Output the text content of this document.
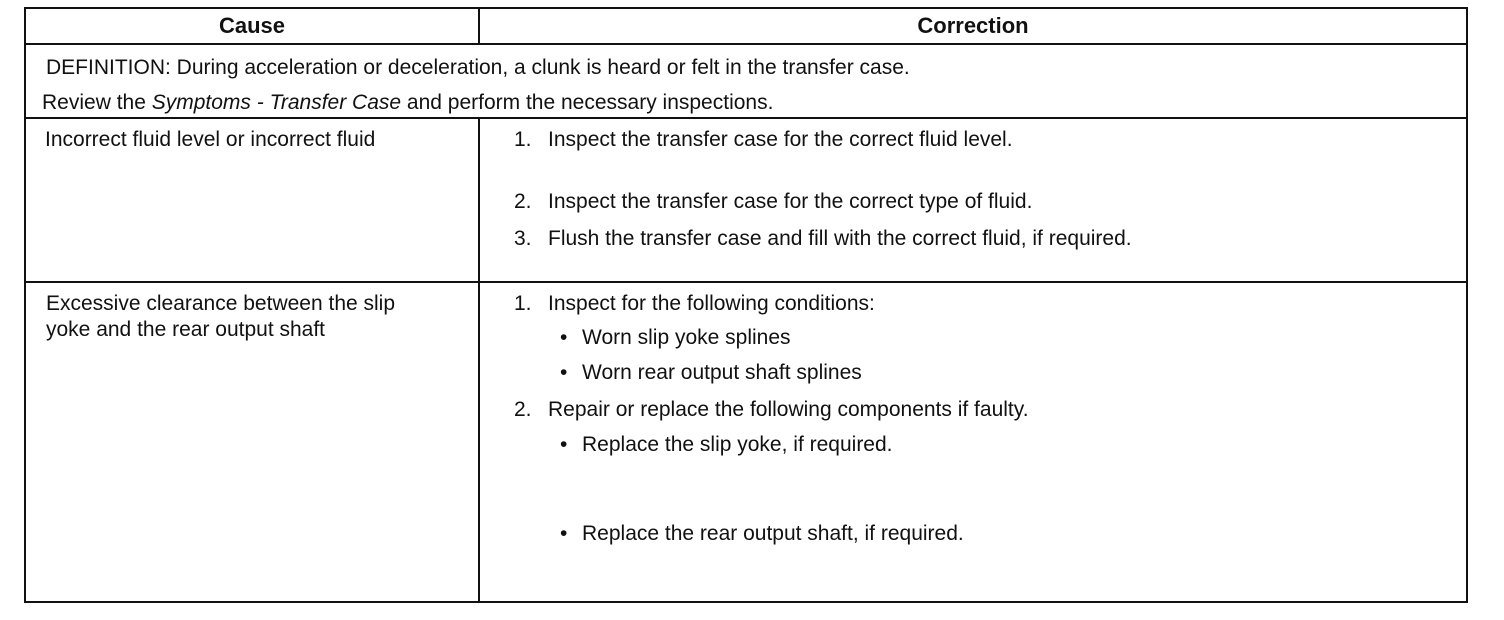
Cause	Correction
DEFINITION: During acceleration or deceleration, a clunk is heard or felt in the transfer case.
Review the Symptoms - Transfer Case and perform the necessary inspections.
Incorrect fluid level or incorrect fluid	1. Inspect the transfer case for the correct fluid level.
2. Inspect the transfer case for the correct type of fluid.
3. Flush the transfer case and fill with the correct fluid, if required.
Excessive clearance between the slip
yoke and the rear output shaft
1. Inspect for the following conditions:
• Worn slip yoke splines
• Worn rear output shaft splines
2. Repair or replace the following components if faulty.
• Replace the slip yoke, if required.
• Replace the rear output shaft, if required.
